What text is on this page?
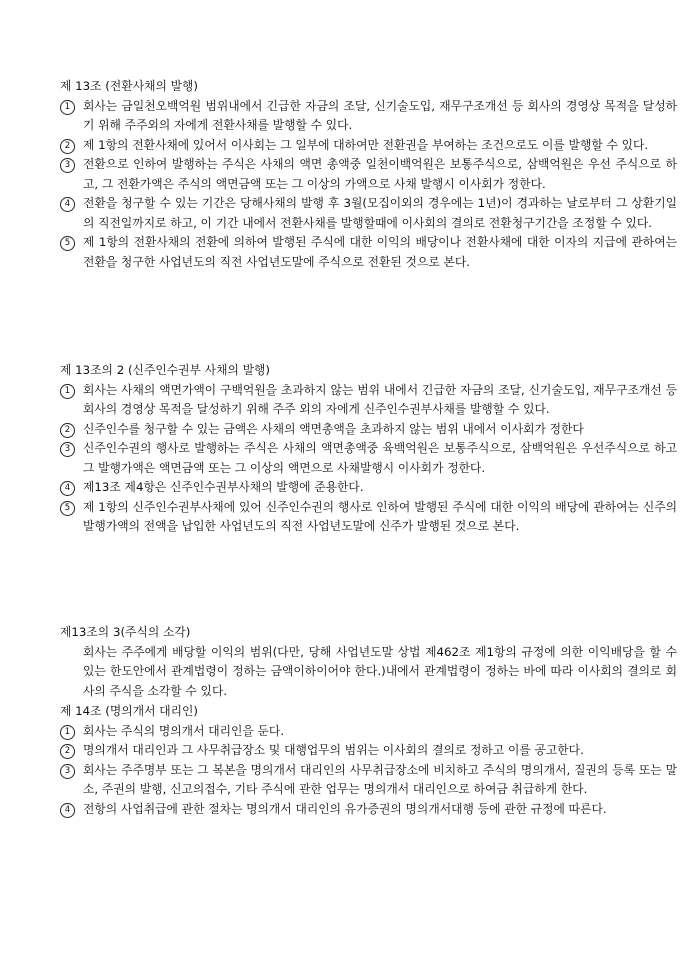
제 13조 (전환사채의 발행)
1	회사는 금일천오백억원 범위내에서 긴급한 자금의 조달, 신기술도입, 재무구조개선 등 회사의 경영상 목적을 달성하기 위해 주주외의 자에게 전환사채를 발행할 수 있다.
2	제 1항의 전환사채에 있어서 이사회는 그 일부에 대하여만 전환권을 부여하는 조건으로도 이를 발행할 수 있다.
3	전환으로 인하여 발행하는 주식은 사채의 액면 총액중 일천이백억원은 보통주식으로, 삼백억원은 우선 주식으로 하고, 그 전환가액은 주식의 액면금액 또는 그 이상의 가액으로 사채 발행시 이사회가 정한다.
4	전환을 청구할 수 있는 기간은 당해사채의 발행 후 3월(모집이외의 경우에는 1년)이 경과하는 날로부터 그 상환기일의 직전일까지로 하고, 이 기간 내에서 전환사채를 발행할때에 이사회의 결의로 전환청구기간을 조정할 수 있다.
5	제 1항의 전환사채의 전환에 의하여 발행된 주식에 대한 이익의 배당이나 전환사채에 대한 이자의 지급에 관하여는 전환을 청구한 사업년도의 직전 사업년도말에 주식으로 전환된 것으로 본다.
제 13조의 2 (신주인수권부 사채의 발행)
1	회사는 사채의 액면가액이 구백억원을 초과하지 않는 범위 내에서 긴급한 자금의 조달, 신기술도입, 재무구조개선 등 회사의 경영상 목적을 달성하기 위해 주주 외의 자에게 신주인수권부사채를 발행할 수 있다.
2	신주인수를 청구할 수 있는 금액은 사채의 액면총액을 초과하지 않는 범위 내에서 이사회가 정한다
3	신주인수권의 행사로 발행하는 주식은 사채의 액면총액중 육백억원은 보통주식으로, 삼백억원은 우선주식으로 하고 그 발행가액은 액면금액 또는 그 이상의 액면으로 사채발행시 이사회가 정한다.
4	제13조 제4항은 신주인수권부사채의 발행에 준용한다.
5	제 1항의 신주인수권부사채에 있어 신주인수권의 행사로 인하여 발행된 주식에 대한 이익의 배당에 관하여는 신주의 발행가액의 전액을 납입한 사업년도의 직전 사업년도말에 신주가 발행된 것으로 본다.
제13조의 3(주식의 소각)
회사는 주주에게 배당할 이익의 범위(다만, 당해 사업년도말 상법 제462조 제1항의 규정에 의한 이익배당을 할 수 있는 한도안에서 관계법령이 정하는 금액이하이어야 한다.)내에서 관계법령이 정하는 바에 따라 이사회의 결의로 회사의 주식을 소각할 수 있다.
제 14조 (명의개서 대리인)
1	회사는 주식의 명의개서 대리인을 둔다.
2	명의개서 대리인과 그 사무취급장소 및 대행업무의 범위는 이사회의 결의로 정하고 이를 공고한다.
3	회사는 주주명부 또는 그 복본을 명의개서 대리인의 사무취급장소에 비치하고 주식의 명의개서, 질권의 등록 또는 말소, 주권의 발행, 신고의접수, 기타 주식에 관한 업무는 명의개서 대리인으로 하여금 취급하게 한다.
4	전항의 사업취급에 관한 절차는 명의개서 대리인의 유가증권의 명의개서대행 등에 관한 규정에 따른다.
